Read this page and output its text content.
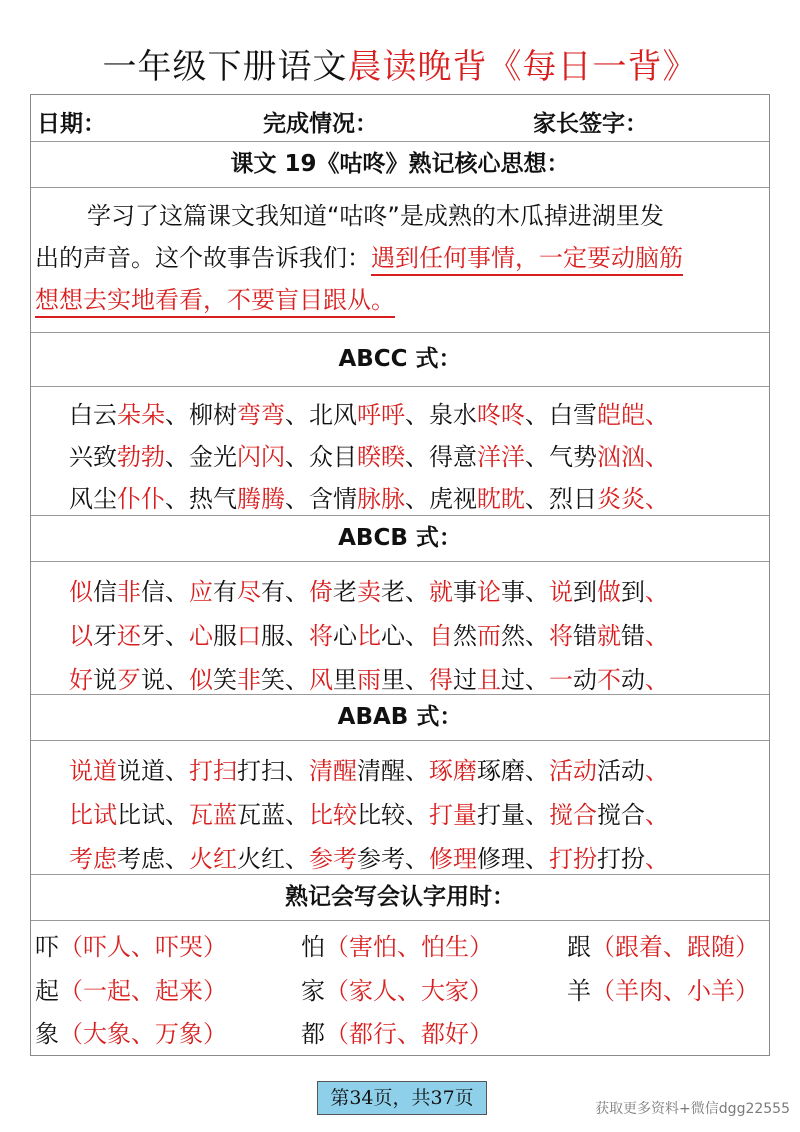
一年级下册语文晨读晚背《每日一背》
日期：	完成情况：	家长签字：
课文 19《咕咚》熟记核心思想：
学习了这篇课文我知道“咕咚”是成熟的木瓜掉进湖里发
出的声音。这个故事告诉我们：遇到任何事情，一定要动脑筋
想想去实地看看，不要盲目跟从。
ABCC 式：
白云朵朵、柳树弯弯、北风呼呼、泉水咚咚、白雪皑皑、
兴致勃勃、金光闪闪、众目睽睽、得意洋洋、气势汹汹、
风尘仆仆、热气腾腾、含情脉脉、虎视眈眈、烈日炎炎、
ABCB 式：
似信非信、应有尽有、倚老卖老、就事论事、说到做到、
以牙还牙、心服口服、将心比心、自然而然、将错就错、
好说歹说、似笑非笑、风里雨里、得过且过、一动不动、
ABAB 式：
说道说道、打扫打扫、清醒清醒、琢磨琢磨、活动活动、
比试比试、瓦蓝瓦蓝、比较比较、打量打量、搅合搅合、
考虑考虑、火红火红、参考参考、修理修理、打扮打扮、
熟记会写会认字用时：
吓（吓人、吓哭）	怕（害怕、怕生）	跟（跟着、跟随）
起（一起、起来）	家（家人、大家）	羊（羊肉、小羊）
象（大象、万象）	都（都行、都好）
第34页，共37页	获取更多资料+微信dgg22555
